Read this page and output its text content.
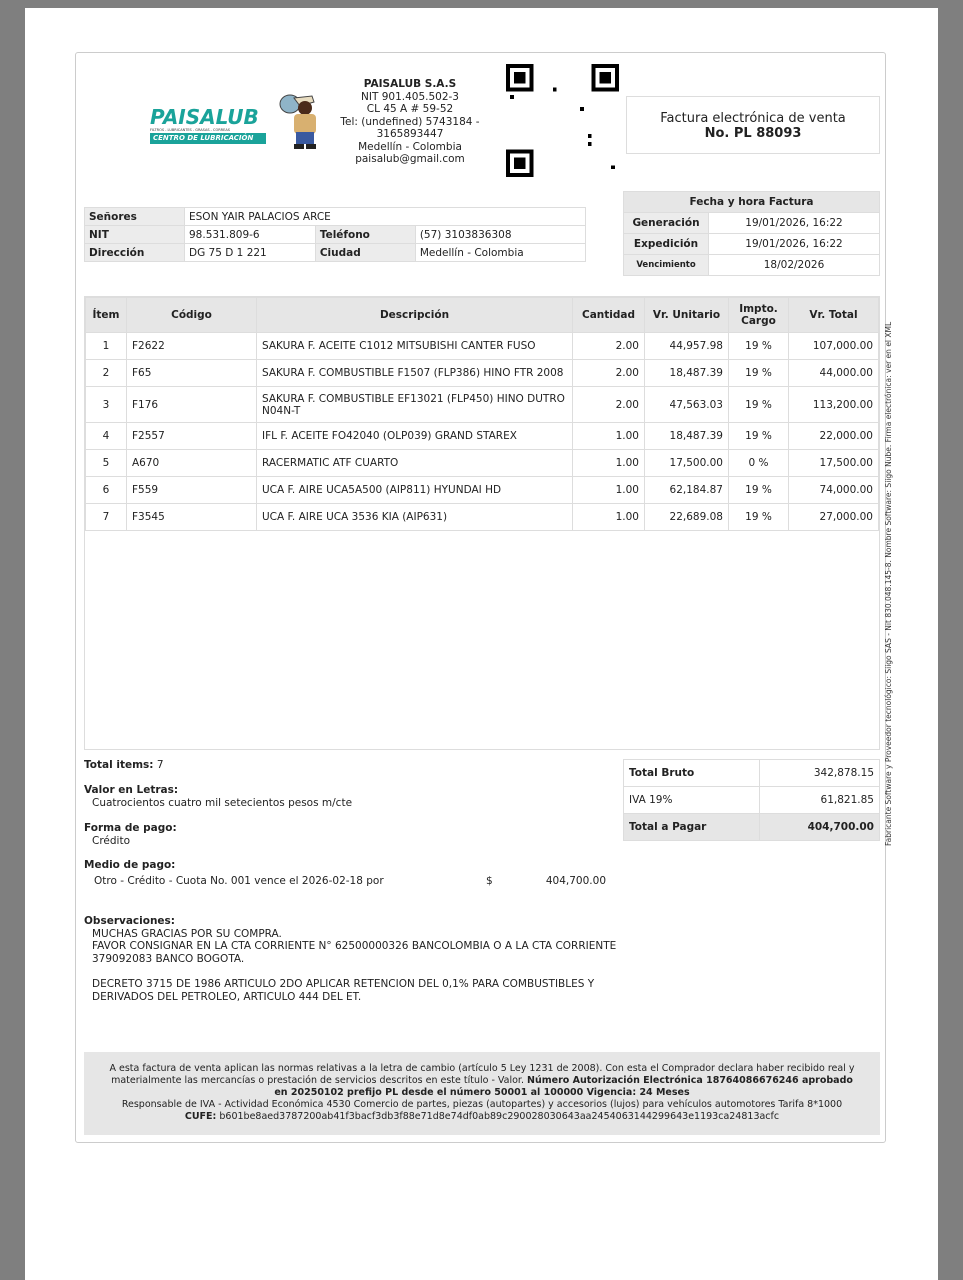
PAISALUB
FILTROS - LUBRICANTES - GRASAS - CORREAS
CENTRO DE LUBRICACIÓN
PAISALUB S.A.S
NIT 901.405.502-3
CL 45 A # 59-52
Tel: (undefined) 5743184 - 3165893447
Medellín - Colombia
paisalub@gmail.com
Factura electrónica de venta
No. PL 88093
Señores	ESON YAIR PALACIOS ARCE		
NIT	98.531.809-6	Teléfono	(57) 3103836308
Dirección	DG 75 D 1 221	Ciudad	Medellín - Colombia
Fecha y hora Factura	
Generación	19/01/2026, 16:22
Expedición	19/01/2026, 16:22
Vencimiento	18/02/2026
Ítem	Código	Descripción	Cantidad	Vr. Unitario	Impto. Cargo	Vr. Total
1	F2622	SAKURA F. ACEITE C1012 MITSUBISHI CANTER FUSO	2.00	44,957.98	19 %	107,000.00
2	F65	SAKURA F. COMBUSTIBLE F1507 (FLP386) HINO FTR 2008	2.00	18,487.39	19 %	44,000.00
3	F176	SAKURA F. COMBUSTIBLE EF13021 (FLP450) HINO DUTRO N04N-T	2.00	47,563.03	19 %	113,200.00
4	F2557	IFL F. ACEITE FO42040 (OLP039) GRAND STAREX	1.00	18,487.39	19 %	22,000.00
5	A670	RACERMATIC ATF CUARTO	1.00	17,500.00	0 %	17,500.00
6	F559	UCA F. AIRE UCA5A500 (AIP811) HYUNDAI HD	1.00	62,184.87	19 %	74,000.00
7	F3545	UCA F. AIRE UCA 3536 KIA (AIP631)	1.00	22,689.08	19 %	27,000.00
Total items: 7
Valor en Letras:
Cuatrocientos cuatro mil setecientos pesos m/cte
Forma de pago:
Crédito
Medio de pago:
Otro - Crédito - Cuota No. 001 vence el 2026-02-18 por	$	404,700.00
Total Bruto	342,878.15
IVA 19%	61,821.85
Total a Pagar	404,700.00
Observaciones:
MUCHAS GRACIAS POR SU COMPRA.
FAVOR CONSIGNAR EN LA CTA CORRIENTE N° 62500000326 BANCOLOMBIA O A LA CTA CORRIENTE 379092083 BANCO BOGOTA.
DECRETO 3715 DE 1986 ARTICULO 2DO APLICAR RETENCION DEL 0,1% PARA COMBUSTIBLES Y DERIVADOS DEL PETROLEO, ARTICULO 444 DEL ET.
A esta factura de venta aplican las normas relativas a la letra de cambio (artículo 5 Ley 1231 de 2008). Con esta el Comprador declara haber recibido real y materialmente las mercancías o prestación de servicios descritos en este título - Valor. Número Autorización Electrónica 18764086676246 aprobado en 20250102 prefijo PL desde el número 50001 al 100000 Vigencia: 24 Meses
Responsable de IVA - Actividad Económica 4530 Comercio de partes, piezas (autopartes) y accesorios (lujos) para vehículos automotores Tarifa 8*1000
CUFE: b601be8aed3787200ab41f3bacf3db3f88e71d8e74df0ab89c290028030643aa2454063144299643e1193ca24813acfc
Fabricante Software y Proveedor tecnológico: Siigo SAS - Nit 830.048.145-8. Nombre Software: Siigo Nube. Firma electrónica: ver en el XML
